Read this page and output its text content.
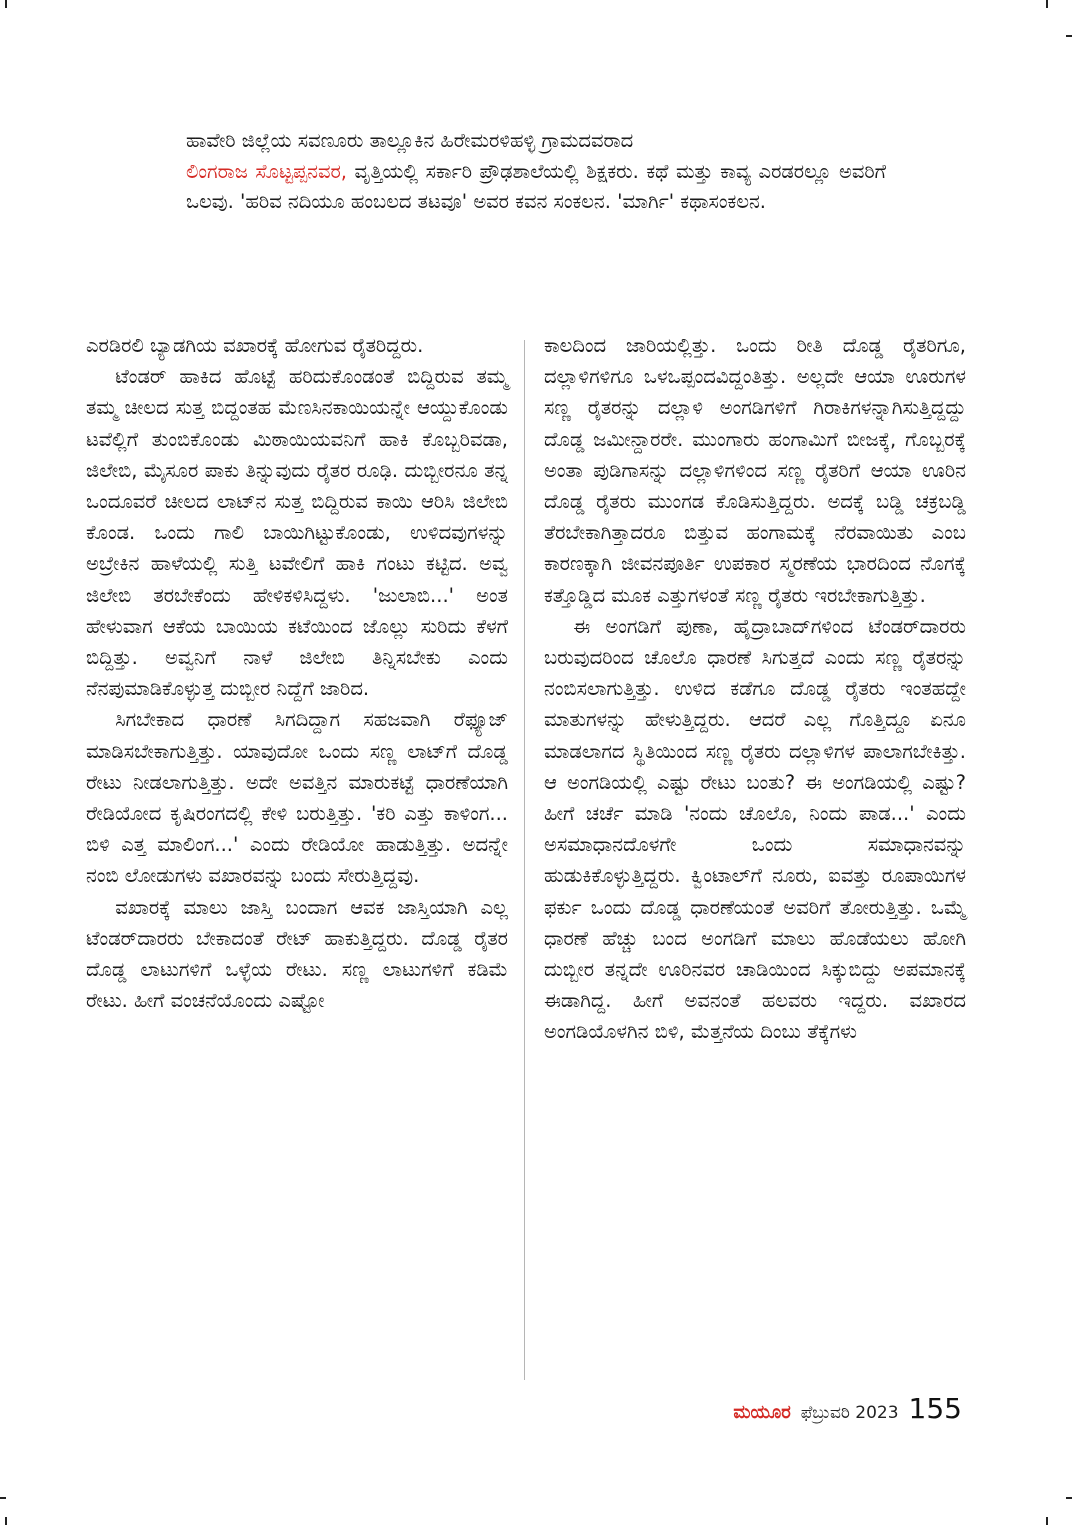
ಹಾವೇರಿ ಜಿಲ್ಲೆಯ ಸವಣೂರು ತಾಲ್ಲೂಕಿನ ಹಿರೇಮರಳಿಹಳ್ಳಿ ಗ್ರಾಮದವರಾದ
ಲಿಂಗರಾಜ ಸೊಟ್ಟಪ್ಪನವರ, ವೃತ್ತಿಯಲ್ಲಿ ಸರ್ಕಾರಿ ಪ್ರೌಢಶಾಲೆಯಲ್ಲಿ ಶಿಕ್ಷಕರು. ಕಥೆ ಮತ್ತು ಕಾವ್ಯ ಎರಡರಲ್ಲೂ ಅವರಿಗೆ ಒಲವು. 'ಹರಿವ ನದಿಯೂ ಹಂಬಲದ ತಟವೂ' ಅವರ ಕವನ ಸಂಕಲನ. 'ಮಾರ್ಗಿ' ಕಥಾಸಂಕಲನ.

ಎರಡಿರಲಿ ಬ್ಯಾಡಗಿಯ ವಖಾರಕ್ಕೆ ಹೋಗುವ ರೈತರಿದ್ದರು.

ಟೆಂಡರ್ ಹಾಕಿದ ಹೊಟ್ಟೆ ಹರಿದುಕೊಂಡಂತೆ ಬಿದ್ದಿರುವ ತಮ್ಮ ತಮ್ಮ ಚೀಲದ ಸುತ್ತ ಬಿದ್ದಂತಹ ಮೆಣಸಿನಕಾಯಿಯನ್ನೇ ಆಯ್ದುಕೊಂಡು ಟವೆಲ್ಲಿಗೆ ತುಂಬಿಕೊಂಡು ಮಿಠಾಯಿಯವನಿಗೆ ಹಾಕಿ ಕೊಬ್ಬರಿವಡಾ, ಜಿಲೇಬಿ, ಮೈಸೂರ ಪಾಕು ತಿನ್ನುವುದು ರೈತರ ರೂಢಿ. ದುಬ್ಬೀರನೂ ತನ್ನ ಒಂದೂವರೆ ಚೀಲದ ಲಾಟ್‌ನ ಸುತ್ತ ಬಿದ್ದಿರುವ ಕಾಯಿ ಆರಿಸಿ ಜಿಲೇಬಿ ಕೊಂಡ. ಒಂದು ಗಾಲಿ ಬಾಯಿಗಿಟ್ಟುಕೊಂಡು, ಉಳಿದವುಗಳನ್ನು ಅಬ್ರೇಕಿನ ಹಾಳೆಯಲ್ಲಿ ಸುತ್ತಿ ಟವೇಲಿಗೆ ಹಾಕಿ ಗಂಟು ಕಟ್ಟಿದ. ಅವ್ವ ಜಿಲೇಬಿ ತರಬೇಕೆಂದು ಹೇಳಿಕಳಿಸಿದ್ದಳು. 'ಜುಲಾಬಿ...' ಅಂತ ಹೇಳುವಾಗ ಆಕೆಯ ಬಾಯಿಯ ಕಟೆಯಿಂದ ಜೊಲ್ಲು ಸುರಿದು ಕೆಳಗೆ ಬಿದ್ದಿತ್ತು. ಅವ್ವನಿಗೆ ನಾಳೆ ಜಿಲೇಬಿ ತಿನ್ನಿಸಬೇಕು ಎಂದು ನೆನಪುಮಾಡಿಕೊಳ್ಳುತ್ತ ದುಬ್ಬೀರ ನಿದ್ದೆಗೆ ಜಾರಿದ.

ಸಿಗಬೇಕಾದ ಧಾರಣೆ ಸಿಗದಿದ್ದಾಗ ಸಹಜವಾಗಿ ರೆಫ್ಯೂಜ್ ಮಾಡಿಸಬೇಕಾಗುತ್ತಿತ್ತು. ಯಾವುದೋ ಒಂದು ಸಣ್ಣ ಲಾಟ್‌ಗೆ ದೊಡ್ಡ ರೇಟು ನೀಡಲಾಗುತ್ತಿತ್ತು. ಅದೇ ಅವತ್ತಿನ ಮಾರುಕಟ್ಟೆ ಧಾರಣೆಯಾಗಿ ರೇಡಿಯೋದ ಕೃಷಿರಂಗದಲ್ಲಿ ಕೇಳಿ ಬರುತ್ತಿತ್ತು. 'ಕರಿ ಎತ್ತು ಕಾಳಿಂಗ... ಬಿಳಿ ಎತ್ತ ಮಾಲಿಂಗ...' ಎಂದು ರೇಡಿಯೋ ಹಾಡುತ್ತಿತ್ತು. ಅದನ್ನೇ ನಂಬಿ ಲೋಡುಗಳು ವಖಾರವನ್ನು ಬಂದು ಸೇರುತ್ತಿದ್ದವು.

ವಖಾರಕ್ಕೆ ಮಾಲು ಜಾಸ್ತಿ ಬಂದಾಗ ಆವಕ ಜಾಸ್ತಿಯಾಗಿ ಎಲ್ಲ ಟೆಂಡರ್‌ದಾರರು ಬೇಕಾದಂತೆ ರೇಟ್ ಹಾಕುತ್ತಿದ್ದರು. ದೊಡ್ಡ ರೈತರ ದೊಡ್ಡ ಲಾಟುಗಳಿಗೆ ಒಳ್ಳೆಯ ರೇಟು. ಸಣ್ಣ ಲಾಟುಗಳಿಗೆ ಕಡಿಮೆ ರೇಟು. ಹೀಗೆ ವಂಚನೆಯೊಂದು ಎಷ್ಟೋ

ಕಾಲದಿಂದ ಜಾರಿಯಲ್ಲಿತ್ತು. ಒಂದು ರೀತಿ ದೊಡ್ಡ ರೈತರಿಗೂ, ದಲ್ಲಾಳಿಗಳಿಗೂ ಒಳಒಪ್ಪಂದವಿದ್ದಂತಿತ್ತು. ಅಲ್ಲದೇ ಆಯಾ ಊರುಗಳ ಸಣ್ಣ ರೈತರನ್ನು ದಲ್ಲಾಳಿ ಅಂಗಡಿಗಳಿಗೆ ಗಿರಾಕಿಗಳನ್ನಾಗಿಸುತ್ತಿದ್ದದ್ದು ದೊಡ್ಡ ಜಮೀನ್ದಾರರೇ. ಮುಂಗಾರು ಹಂಗಾಮಿಗೆ ಬೀಜಕ್ಕೆ, ಗೊಬ್ಬರಕ್ಕೆ ಅಂತಾ ಪುಡಿಗಾಸನ್ನು ದಲ್ಲಾಳಿಗಳಿಂದ ಸಣ್ಣ ರೈತರಿಗೆ ಆಯಾ ಊರಿನ ದೊಡ್ಡ ರೈತರು ಮುಂಗಡ ಕೊಡಿಸುತ್ತಿದ್ದರು. ಅದಕ್ಕೆ ಬಡ್ಡಿ ಚಕ್ರಬಡ್ಡಿ ತೆರಬೇಕಾಗಿತ್ತಾದರೂ ಬಿತ್ತುವ ಹಂಗಾಮಕ್ಕೆ ನೆರವಾಯಿತು ಎಂಬ ಕಾರಣಕ್ಕಾಗಿ ಜೀವನಪೂರ್ತಿ ಉಪಕಾರ ಸ್ಮರಣೆಯ ಭಾರದಿಂದ ನೊಗಕ್ಕೆ ಕತ್ತೊಡ್ಡಿದ ಮೂಕ ಎತ್ತುಗಳಂತೆ ಸಣ್ಣ ರೈತರು ಇರಬೇಕಾಗುತ್ತಿತ್ತು.

ಈ ಅಂಗಡಿಗೆ ಪುಣಾ, ಹೈದ್ರಾಬಾದ್‌ಗಳಿಂದ ಟೆಂಡರ್‌ದಾರರು ಬರುವುದರಿಂದ ಚೊಲೊ ಧಾರಣೆ ಸಿಗುತ್ತದೆ ಎಂದು ಸಣ್ಣ ರೈತರನ್ನು ನಂಬಿಸಲಾಗುತ್ತಿತ್ತು. ಉಳಿದ ಕಡೆಗೂ ದೊಡ್ಡ ರೈತರು ಇಂತಹದ್ದೇ ಮಾತುಗಳನ್ನು ಹೇಳುತ್ತಿದ್ದರು. ಆದರೆ ಎಲ್ಲ ಗೊತ್ತಿದ್ದೂ ಏನೂ ಮಾಡಲಾಗದ ಸ್ಥಿತಿಯಿಂದ ಸಣ್ಣ ರೈತರು ದಲ್ಲಾಳಿಗಳ ಪಾಲಾಗಬೇಕಿತ್ತು. ಆ ಅಂಗಡಿಯಲ್ಲಿ ಎಷ್ಟು ರೇಟು ಬಂತು? ಈ ಅಂಗಡಿಯಲ್ಲಿ ಎಷ್ಟು? ಹೀಗೆ ಚರ್ಚೆ ಮಾಡಿ 'ನಂದು ಚೊಲೊ, ನಿಂದು ಪಾಡ...' ಎಂದು ಅಸಮಾಧಾನದೊಳಗೇ ಒಂದು ಸಮಾಧಾನವನ್ನು ಹುಡುಕಿಕೊಳ್ಳುತ್ತಿದ್ದರು. ಕ್ವಿಂಟಾಲ್‌ಗೆ ನೂರು, ಐವತ್ತು ರೂಪಾಯಿಗಳ ಫರ್ಕು ಒಂದು ದೊಡ್ಡ ಧಾರಣೆಯಂತೆ ಅವರಿಗೆ ತೋರುತ್ತಿತ್ತು. ಒಮ್ಮೆ ಧಾರಣೆ ಹೆಚ್ಚು ಬಂದ ಅಂಗಡಿಗೆ ಮಾಲು ಹೊಡೆಯಲು ಹೋಗಿ ದುಬ್ಬೀರ ತನ್ನದೇ ಊರಿನವರ ಚಾಡಿಯಿಂದ ಸಿಕ್ಕುಬಿದ್ದು ಅಪಮಾನಕ್ಕೆ ಈಡಾಗಿದ್ದ. ಹೀಗೆ ಅವನಂತೆ ಹಲವರು ಇದ್ದರು. ವಖಾರದ ಅಂಗಡಿಯೊಳಗಿನ ಬಿಳಿ, ಮೆತ್ತನೆಯ ದಿಂಬು ತೆಕ್ಕೆಗಳು

ಮಯೂರ ಫೆಬ್ರುವರಿ 2023 155
